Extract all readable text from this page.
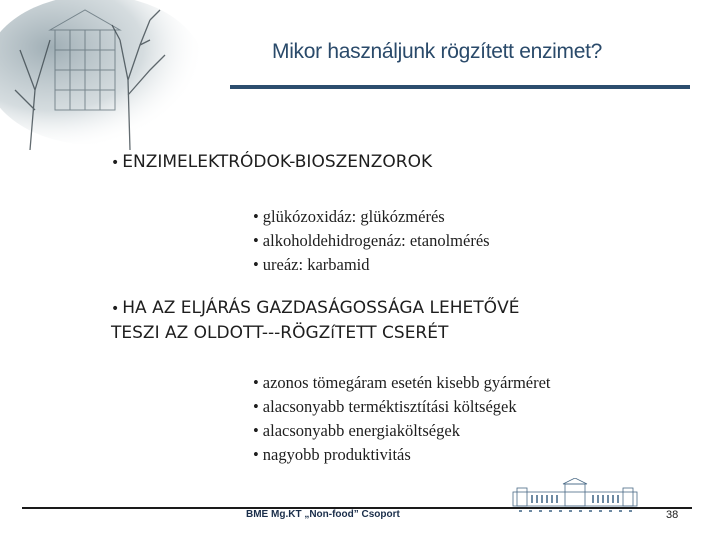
Mikor használjunk rögzített enzimet?
• ENZIMELEKTRÓDOK-BIOSZENZOROK
• glükózoxidáz: glükózmérés
• alkoholdehidrogenáz: etanolmérés
• ureáz: karbamid
• HA AZ ELJÁRÁS GAZDASÁGOSSÁGA LEHETŐVÉ
TESZI AZ OLDOTT---RÖGZíTETT CSERÉT
• azonos tömegáram esetén kisebb gyárméret
• alacsonyabb terméktisztítási költségek
• alacsonyabb energiaköltségek
• nagyobb produktivitás
BME Mg.KT „Non-food” Csoport	38
